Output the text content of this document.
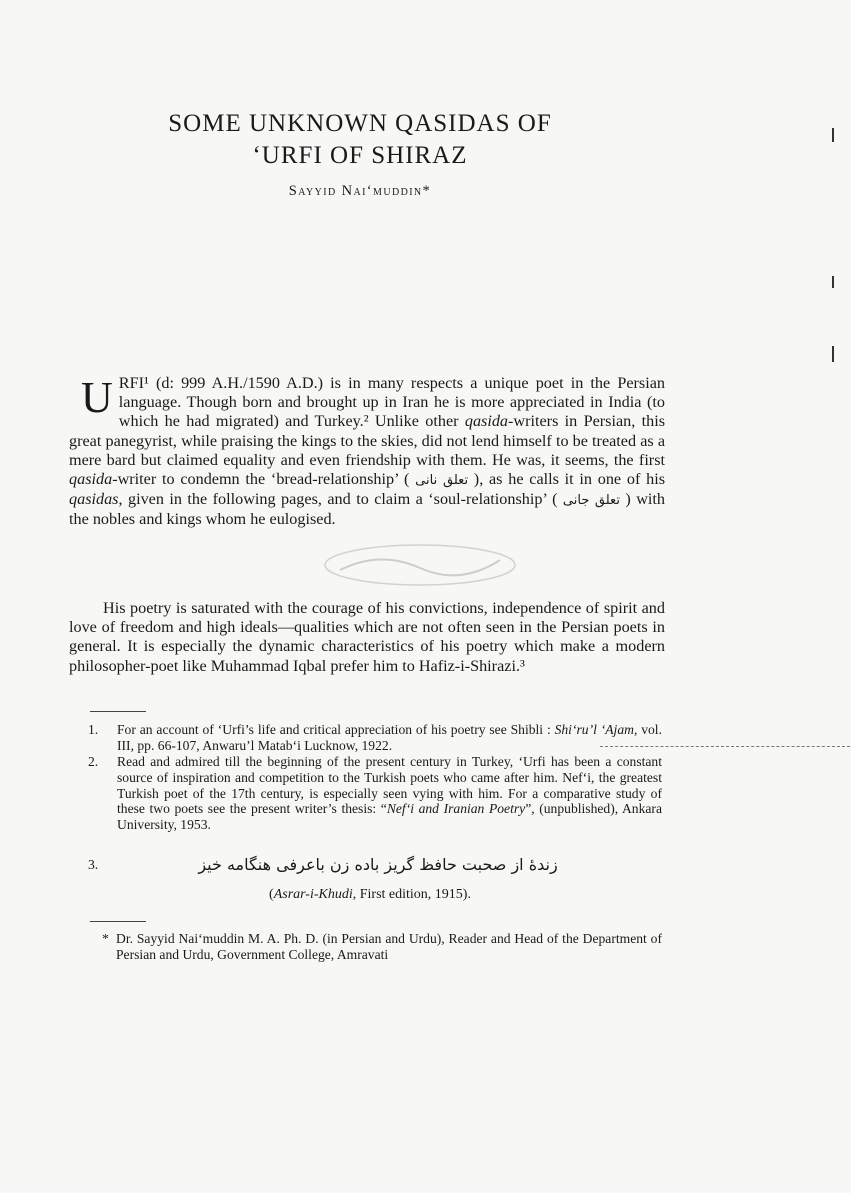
SOME UNKNOWN QASIDAS OF
‘URFI OF SHIRAZ
Sayyid Nai‘muddin*
U RFI¹ (d: 999 A.H./1590 A.D.) is in many respects a unique poet in the Persian language. Though born and brought up in Iran he is more appreciated in India (to which he had migrated) and Turkey.² Unlike other qasida-writers in Persian, this great panegyrist, while praising the kings to the skies, did not lend himself to be treated as a mere bard but claimed equality and even friendship with them. He was, it seems, the first qasida-writer to condemn the ‘bread-relationship’ ( تعلق نانی ), as he calls it in one of his qasidas, given in the following pages, and to claim a ‘soul-relationship’ ( تعلق جانی ) with the nobles and kings whom he eulogised.
His poetry is saturated with the courage of his convictions, independence of spirit and love of freedom and high ideals—qualities which are not often seen in the Persian poets in general. It is especially the dynamic characteristics of his poetry which make a modern philosopher-poet like Muhammad Iqbal prefer him to Hafiz-i-Shirazi.³
1. For an account of ‘Urfi’s life and critical appreciation of his poetry see Shibli : Shi‘ru’l ‘Ajam, vol. III, pp. 66-107, Anwaru’l Matab‘i Lucknow, 1922.
2. Read and admired till the beginning of the present century in Turkey, ‘Urfi has been a constant source of inspiration and competition to the Turkish poets who came after him. Nef‘i, the greatest Turkish poet of the 17th century, is especially seen vying with him. For a comparative study of these two poets see the present writer’s thesis: “Nef‘i and Iranian Poetry”, (unpublished), Ankara University, 1953.
3.	زندهٔ از صحبت حافظ گریز باده زن باعرفی هنگامه خیز
(Asrar-i-Khudi, First edition, 1915).
* Dr. Sayyid Nai‘muddin M. A. Ph. D. (in Persian and Urdu), Reader and Head of the Department of Persian and Urdu, Government College, Amravati
